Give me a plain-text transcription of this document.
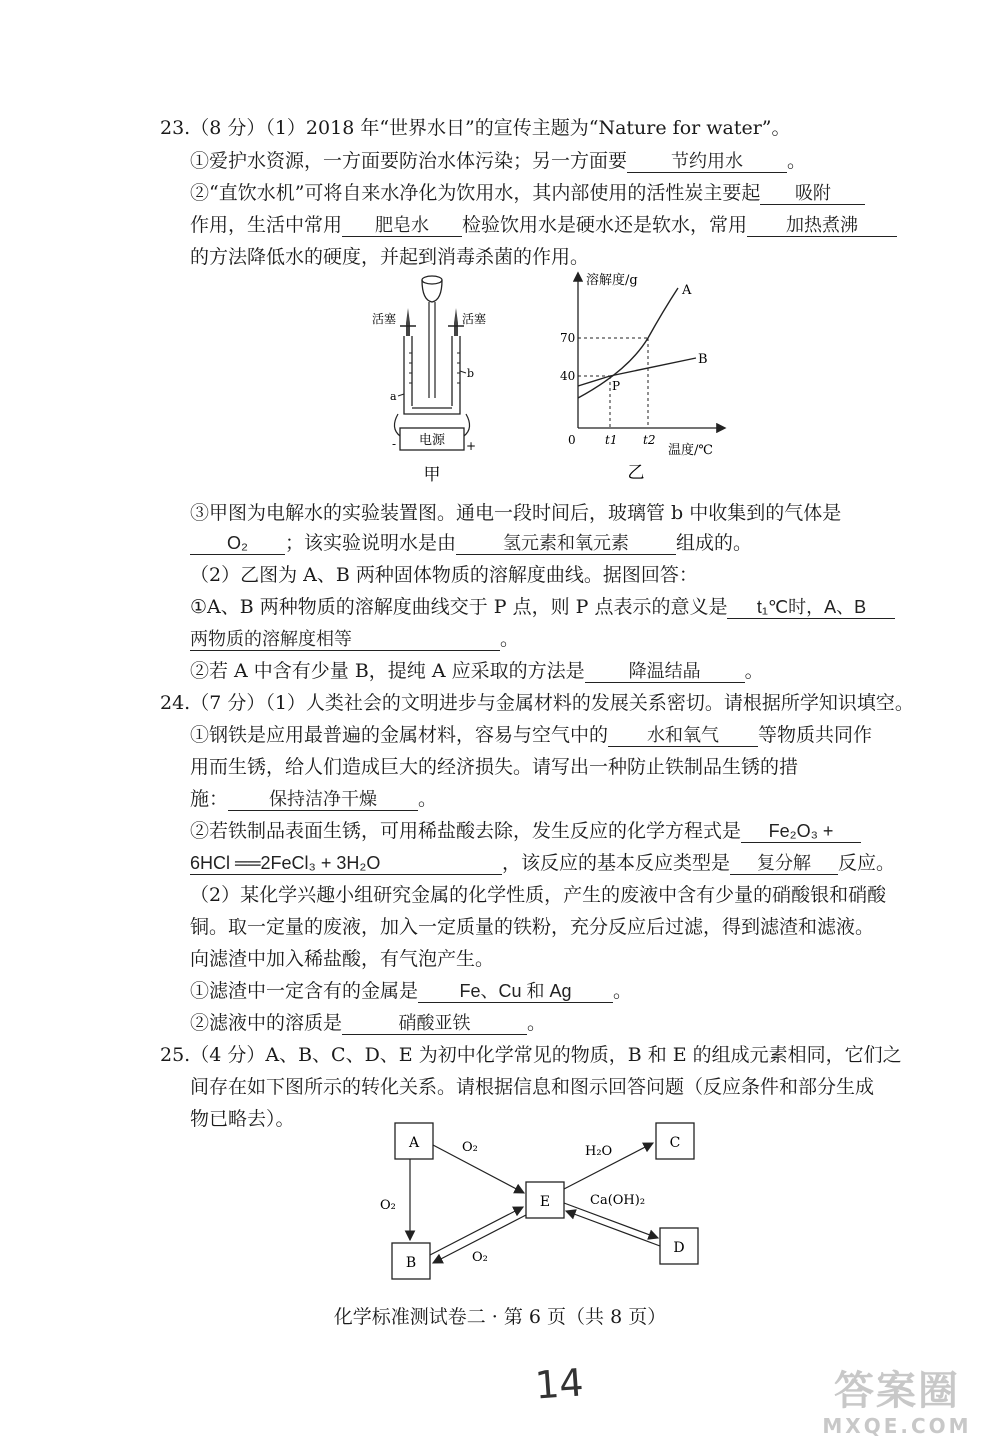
23.（8 分）（1）2018 年“世界水日”的宣传主题为“Nature for water”。
①爱护水资源，一方面要防治水体污染；另一方面要 节约用水 。
②“直饮水机”可将自来水净化为饮用水，其内部使用的活性炭主要起 吸附
作用，生活中常用 肥皂水 检验饮用水是硬水还是软水，常用 加热煮沸
的方法降低水的硬度，并起到消毒杀菌的作用。
电源
-	+
活塞	活塞
a
b
甲
溶解度/g
温度/℃
0
70
40
t1 t2
A
B
P
乙
③甲图为电解水的实验装置图。通电一段时间后，玻璃管 b 中收集到的气体是
O₂ ；该实验说明水是由	氢元素和氧元素 组成的。
（2）乙图为 A、B 两种固体物质的溶解度曲线。据图回答：
①A、B 两种物质的溶解度曲线交于 P 点，则 P 点表示的意义是 t₁℃时，A、B
两物质的溶解度相等	。
②若 A 中含有少量 B，提纯 A 应采取的方法是 降温结晶 。
24.（7 分）（1）人类社会的文明进步与金属材料的发展关系密切。请根据所学知识填空。
①钢铁是应用最普遍的金属材料，容易与空气中的 水和氧气 等物质共同作
用而生锈，给人们造成巨大的经济损失。请写出一种防止铁制品生锈的措
施： 保持洁净干燥 。
②若铁制品表面生锈，可用稀盐酸去除，发生反应的化学方程式是 Fe₂O₃ +
6HCl ══2FeCl₃ + 3H₂O	，该反应的基本反应类型是 复分解 反应。
（2）某化学兴趣小组研究金属的化学性质，产生的废液中含有少量的硝酸银和硝酸
铜。取一定量的废液，加入一定质量的铁粉，充分反应后过滤，得到滤渣和滤液。
向滤渣中加入稀盐酸，有气泡产生。
①滤渣中一定含有的金属是 Fe、Cu 和 Ag 。
②滤液中的溶质是	硝酸亚铁	。
25.（4 分）A、B、C、D、E 为初中化学常见的物质，B 和 E 的组成元素相同，它们之
间存在如下图所示的转化关系。请根据信息和图示回答问题（反应条件和部分生成
物已略去）。
A
B
E
C
D
O₂
O₂
O₂
H₂O
Ca(OH)₂
化学标准测试卷二 · 第 6 页（共 8 页）
14	答案圈
MXQE.COM
